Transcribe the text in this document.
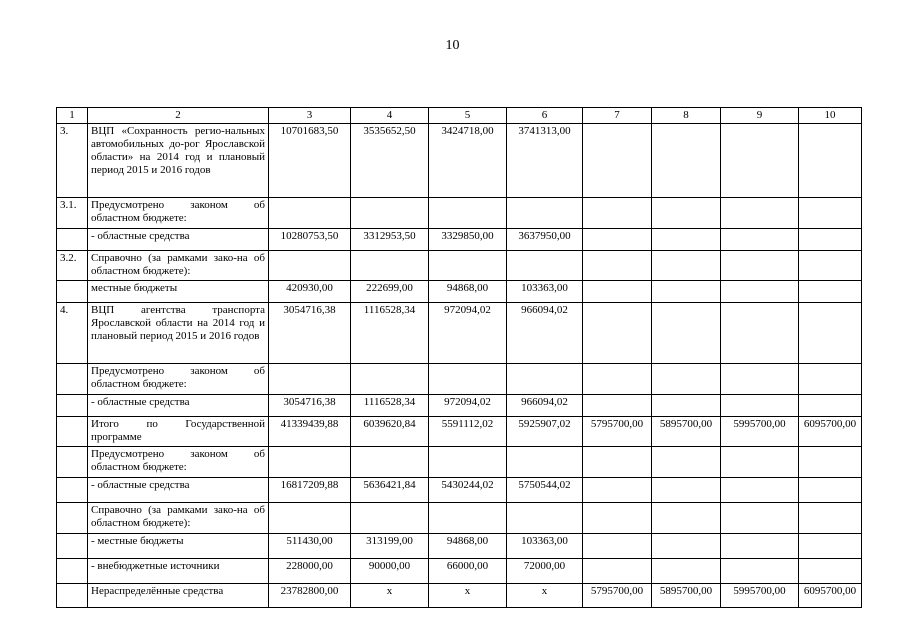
10
1	2	3	4	5	6	7	8	9	10
3.	ВЦП «Сохранность регио-нальных автомобильных до-рог Ярославской области» на 2014 год и плановый период 2015 и 2016 годов	10701683,50	3535652,50	3424718,00	3741313,00				
3.1.	Предусмотрено законом об областном бюджете:								
	- областные средства	10280753,50	3312953,50	3329850,00	3637950,00				
3.2.	Справочно (за рамками зако-на об областном бюджете):								
	местные бюджеты	420930,00	222699,00	94868,00	103363,00				
4.	ВЦП агентства транспорта Ярославской области на 2014 год и плановый период 2015 и 2016 годов	3054716,38	1116528,34	972094,02	966094,02				
	Предусмотрено законом об областном бюджете:								
	- областные средства	3054716,38	1116528,34	972094,02	966094,02				
	Итого по Государственной программе	41339439,88	6039620,84	5591112,02	5925907,02	5795700,00	5895700,00	5995700,00	6095700,00
	Предусмотрено законом об областном бюджете:								
	- областные средства	16817209,88	5636421,84	5430244,02	5750544,02				
	Справочно (за рамками зако-на об областном бюджете):								
	- местные бюджеты	511430,00	313199,00	94868,00	103363,00				
	- внебюджетные источники	228000,00	90000,00	66000,00	72000,00				
	Нераспределённые средства	23782800,00	х	х	х	5795700,00	5895700,00	5995700,00	6095700,00
